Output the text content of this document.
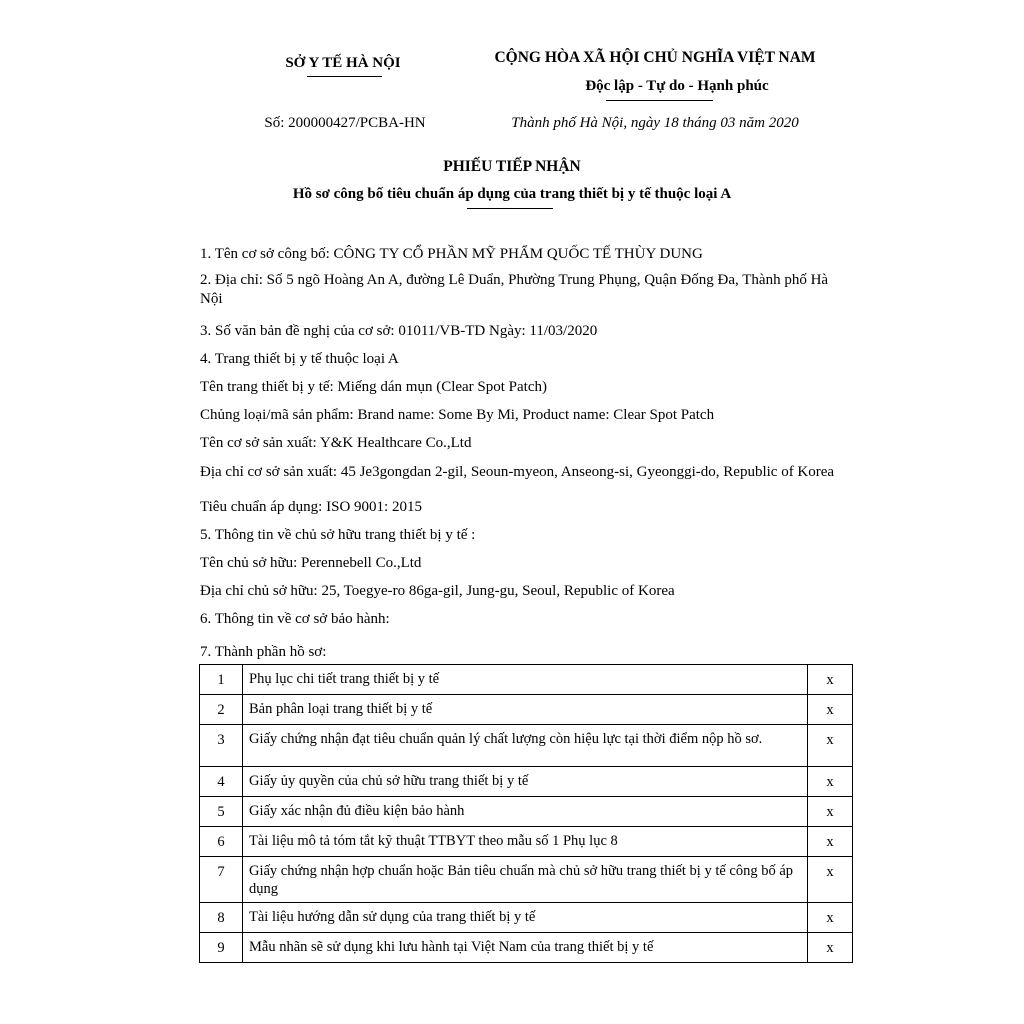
SỞ Y TẾ HÀ NỘI	CỘNG HÒA XÃ HỘI CHỦ NGHĨA VIỆT NAM
Độc lập - Tự do - Hạnh phúc
Số: 200000427/PCBA-HN	Thành phố Hà Nội, ngày 18 tháng 03 năm 2020
PHIẾU TIẾP NHẬN
Hồ sơ công bố tiêu chuẩn áp dụng của trang thiết bị y tế thuộc loại A
1. Tên cơ sở công bố: CÔNG TY CỔ PHẦN MỸ PHẨM QUỐC TẾ THÙY DUNG
2. Địa chỉ: Số 5 ngõ Hoàng An A, đường Lê Duẩn, Phường Trung Phụng, Quận Đống Đa, Thành phố Hà Nội
3. Số văn bản đề nghị của cơ sở: 01011/VB-TD Ngày: 11/03/2020
4. Trang thiết bị y tế thuộc loại A
Tên trang thiết bị y tế: Miếng dán mụn (Clear Spot Patch)
Chủng loại/mã sản phẩm: Brand name: Some By Mi, Product name: Clear Spot Patch
Tên cơ sở sản xuất: Y&K Healthcare Co.,Ltd
Địa chỉ cơ sở sản xuất: 45 Je3gongdan 2-gil, Seoun-myeon, Anseong-si, Gyeonggi-do, Republic of Korea
Tiêu chuẩn áp dụng: ISO 9001: 2015
5. Thông tin về chủ sở hữu trang thiết bị y tế :
Tên chủ sở hữu: Perennebell Co.,Ltd
Địa chỉ chủ sở hữu: 25, Toegye-ro 86ga-gil, Jung-gu, Seoul, Republic of Korea
6. Thông tin về cơ sở bảo hành:
7. Thành phần hồ sơ:
1	Phụ lục chi tiết trang thiết bị y tế	x
2	Bản phân loại trang thiết bị y tế	x
3	Giấy chứng nhận đạt tiêu chuẩn quản lý chất lượng còn hiệu lực tại thời điểm nộp hồ sơ.	x
4	Giấy ủy quyền của chủ sở hữu trang thiết bị y tế	x
5	Giấy xác nhận đủ điều kiện bảo hành	x
6	Tài liệu mô tả tóm tắt kỹ thuật TTBYT theo mẫu số 1 Phụ lục 8	x
7	Giấy chứng nhận hợp chuẩn hoặc Bản tiêu chuẩn mà chủ sở hữu trang thiết bị y tế công bố áp dụng	x
8	Tài liệu hướng dẫn sử dụng của trang thiết bị y tế	x
9	Mẫu nhãn sẽ sử dụng khi lưu hành tại Việt Nam của trang thiết bị y tế	x
